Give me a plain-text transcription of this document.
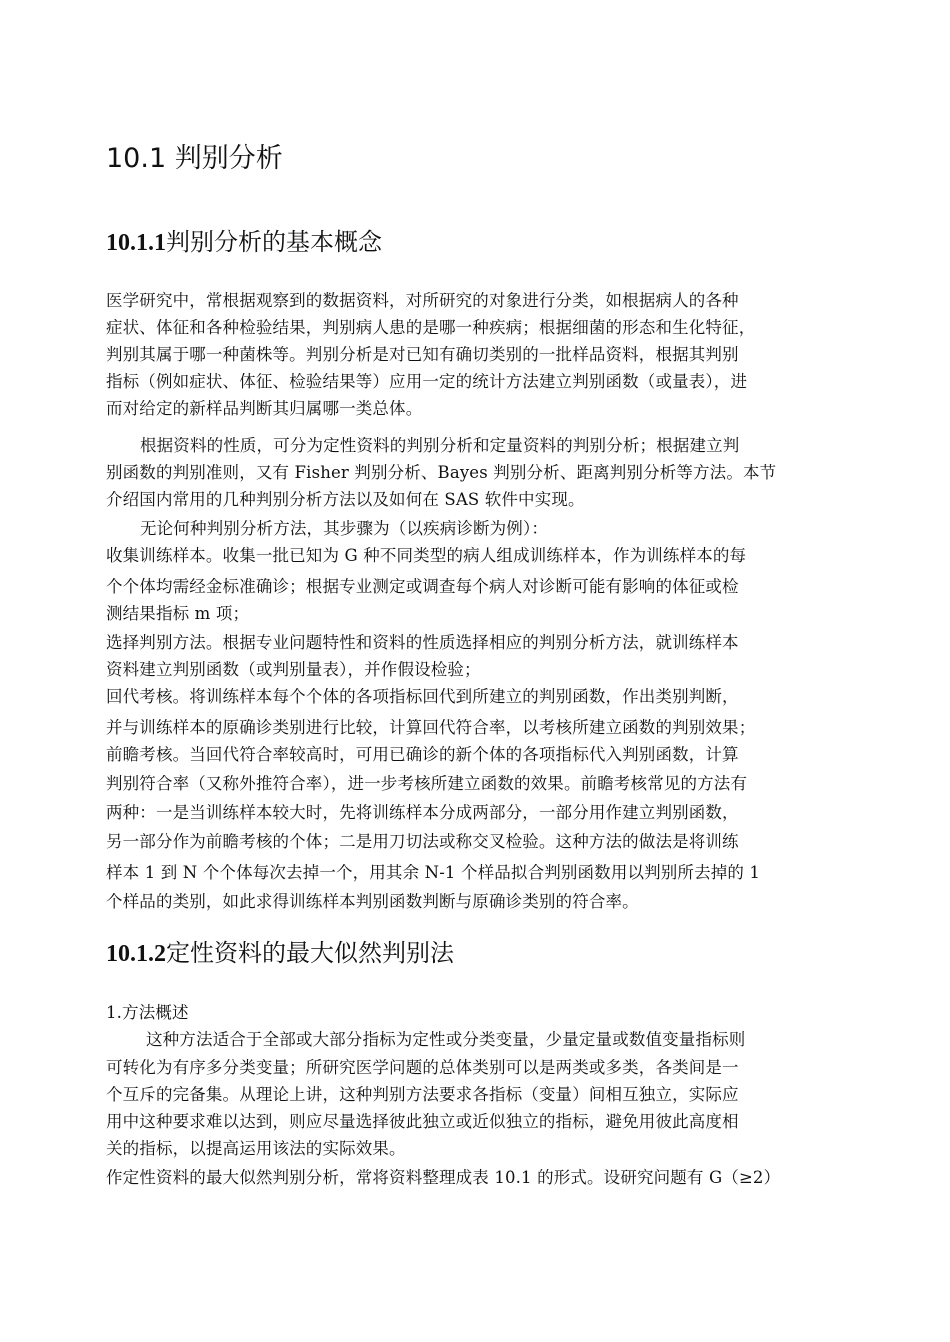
10.1 判别分析
10.1.1判别分析的基本概念
医学研究中，常根据观察到的数据资料，对所研究的对象进行分类，如根据病人的各种
症状、体征和各种检验结果，判别病人患的是哪一种疾病；根据细菌的形态和生化特征，
判别其属于哪一种菌株等。判别分析是对已知有确切类别的一批样品资料，根据其判别
指标（例如症状、体征、检验结果等）应用一定的统计方法建立判别函数（或量表），进
而对给定的新样品判断其归属哪一类总体。
根据资料的性质，可分为定性资料的判别分析和定量资料的判别分析；根据建立判
别函数的判别准则，又有 Fisher 判别分析、Bayes 判别分析、距离判别分析等方法。本节
介绍国内常用的几种判别分析方法以及如何在 SAS 软件中实现。
无论何种判别分析方法，其步骤为（以疾病诊断为例）：
收集训练样本。收集一批已知为 G 种不同类型的病人组成训练样本，作为训练样本的每
个个体均需经金标准确诊；根据专业测定或调查每个病人对诊断可能有影响的体征或检
测结果指标 m 项；
选择判别方法。根据专业问题特性和资料的性质选择相应的判别分析方法，就训练样本
资料建立判别函数（或判别量表），并作假设检验；
回代考核。将训练样本每个个体的各项指标回代到所建立的判别函数，作出类别判断，
并与训练样本的原确诊类别进行比较，计算回代符合率，以考核所建立函数的判别效果；
前瞻考核。当回代符合率较高时，可用已确诊的新个体的各项指标代入判别函数，计算
判别符合率（又称外推符合率），进一步考核所建立函数的效果。前瞻考核常见的方法有
两种：一是当训练样本较大时，先将训练样本分成两部分，一部分用作建立判别函数，
另一部分作为前瞻考核的个体；二是用刀切法或称交叉检验。这种方法的做法是将训练
样本 1 到 N 个个体每次去掉一个，用其余 N-1 个样品拟合判别函数用以判别所去掉的 1
个样品的类别，如此求得训练样本判别函数判断与原确诊类别的符合率。
10.1.2定性资料的最大似然判别法
1.方法概述
这种方法适合于全部或大部分指标为定性或分类变量，少量定量或数值变量指标则
可转化为有序多分类变量；所研究医学问题的总体类别可以是两类或多类，各类间是一
个互斥的完备集。从理论上讲，这种判别方法要求各指标（变量）间相互独立，实际应
用中这种要求难以达到，则应尽量选择彼此独立或近似独立的指标，避免用彼此高度相
关的指标，以提高运用该法的实际效果。
作定性资料的最大似然判别分析，常将资料整理成表 10.1 的形式。设研究问题有 G（≥2）
